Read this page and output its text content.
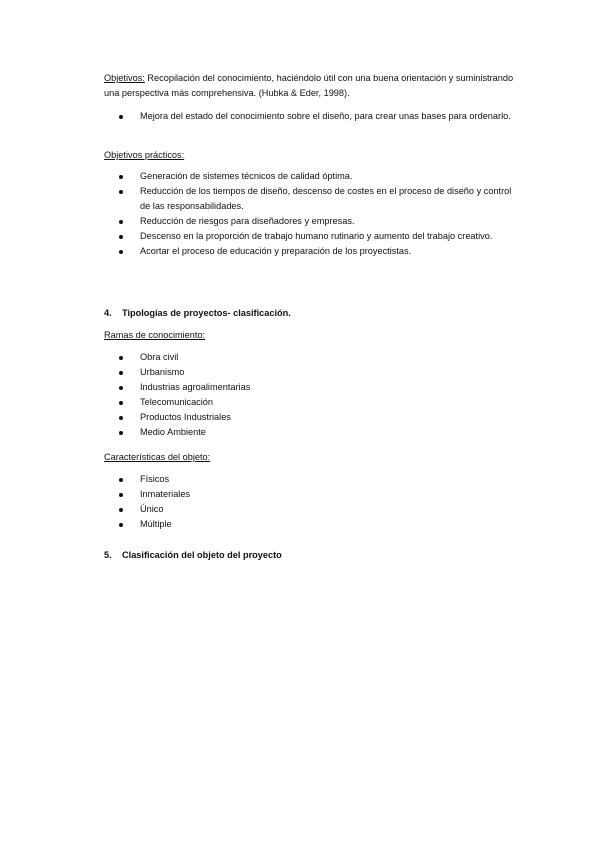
Objetivos: Recopilación del conocimiento, haciéndolo útil con una buena orientación y suministrando una perspectiva más comprehensiva. (Hubka & Eder, 1998).

Mejora del estado del conocimiento sobre el diseño, para crear unas bases para ordenarlo.
Objetivos prácticos:
Generación de sistemes técnicos de calidad óptima.
Reducción de los tiempos de diseño, descenso de costes en el proceso de diseño y control de las responsabilidades.
Reducción de riesgos para diseñadores y empresas.
Descenso en la proporción de trabajo humano rutinario y aumento del trabajo creativo.
Acortar el proceso de educación y preparación de los proyectistas.
4. Tipologías de proyectos- clasificación.
Ramas de conocimiento:
Obra civil
Urbanismo
Industrias agroalimentarias
Telecomunicación
Productos Industriales
Medio Ambiente
Características del objeto:
Físicos
Inmateriales
Único
Múltiple
5. Clasificación del objeto del proyecto
